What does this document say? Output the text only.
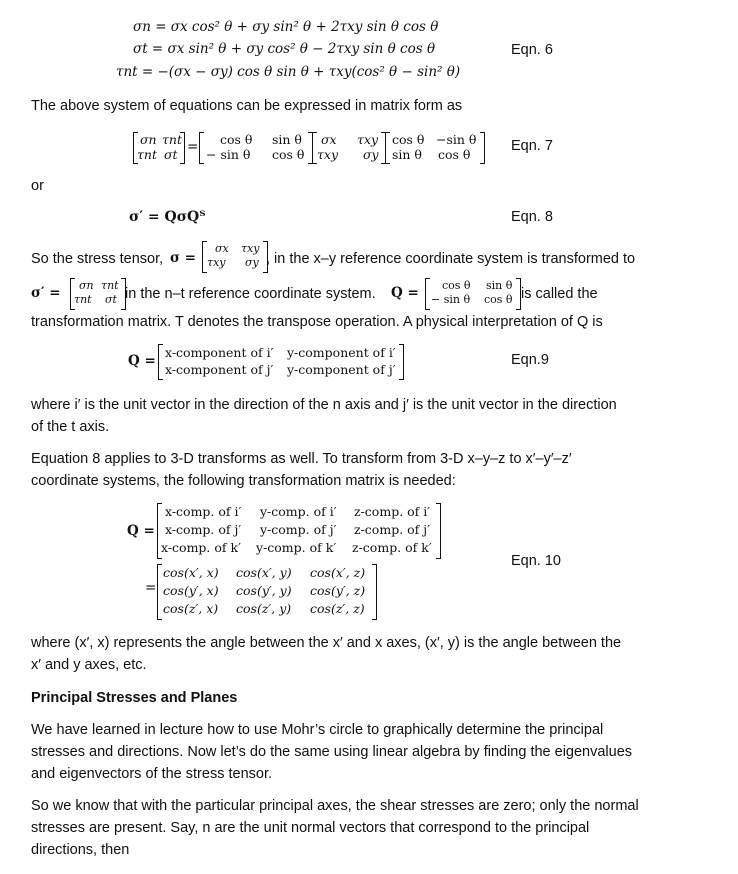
σn = σx cos² θ + σy sin² θ + 2τxy sin θ cos θ
σt = σx sin² θ + σy cos² θ − 2τxy sin θ cos θ
τnt = −(σx − σy) cos θ sin θ + τxy(cos² θ − sin² θ)
Eqn. 6
The above system of equations can be expressed in matrix form as
σn τnt
τnt σt = cos θ sin θ
− sin θ cos θ
σx τxy
τxy σy
cos θ −sin θ
sin θ cos θ
Eqn. 7
or
σ′ = QσQᵀ	Eqn. 8
So the stress tensor, σ =
σx τxy
τxy σy , in the x–y reference coordinate system is transformed to
σ′ = σn τnt
τnt σt in the n–t reference coordinate system. Q = cos θ sin θ
− sin θ cos θ is called the
transformation matrix. T denotes the transpose operation. A physical interpretation of Q is
Q =
x-component of i′ y-component of i′
x-component of j′ y-component of j′
Eqn.9
where i′ is the unit vector in the direction of the n axis and j′ is the unit vector in the direction
of the t axis.
Equation 8 applies to 3-D transforms as well. To transform from 3-D x–y–z to x′–y′–z′
coordinate systems, the following transformation matrix is needed:
Q =
x-comp. of i′ y-comp. of i′ z-comp. of i′
x-comp. of j′ y-comp. of j′ z-comp. of j′
x-comp. of k′ y-comp. of k′ z-comp. of k′
=
cos(x′, x) cos(x′, y) cos(x′, z)
cos(y′, x) cos(y′, y) cos(y′, z)
cos(z′, x) cos(z′, y) cos(z′, z)
Eqn. 10
where (x′, x) represents the angle between the x′ and x axes, (x′, y) is the angle between the
x′ and y axes, etc.
Principal Stresses and Planes
We have learned in lecture how to use Mohr’s circle to graphically determine the principal
stresses and directions. Now let’s do the same using linear algebra by finding the eigenvalues
and eigenvectors of the stress tensor.
So we know that with the particular principal axes, the shear stresses are zero; only the normal
stresses are present. Say, n are the unit normal vectors that correspond to the principal
directions, then
